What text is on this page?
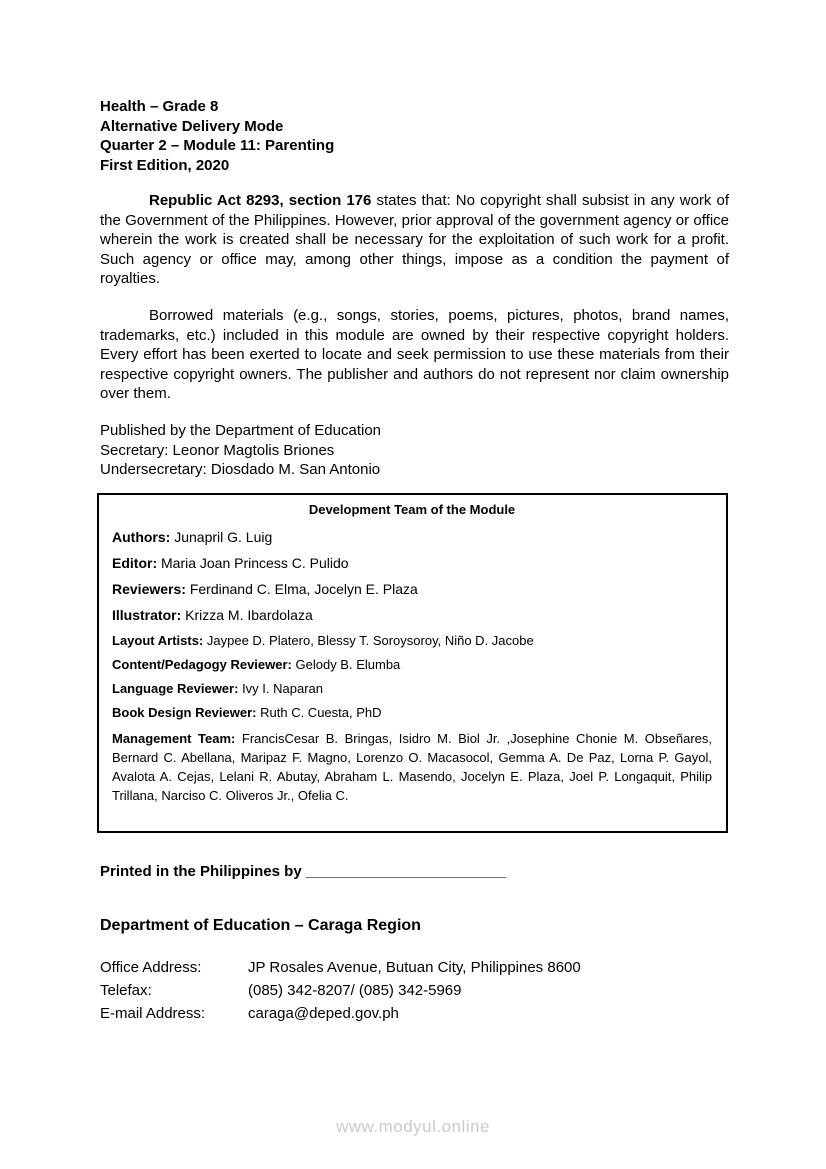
Health – Grade 8
Alternative Delivery Mode
Quarter 2 – Module 11: Parenting
First Edition, 2020

Republic Act 8293, section 176 states that: No copyright shall subsist in any work of the Government of the Philippines. However, prior approval of the government agency or office wherein the work is created shall be necessary for the exploitation of such work for a profit. Such agency or office may, among other things, impose as a condition the payment of royalties.

Borrowed materials (e.g., songs, stories, poems, pictures, photos, brand names, trademarks, etc.) included in this module are owned by their respective copyright holders. Every effort has been exerted to locate and seek permission to use these materials from their respective copyright owners. The publisher and authors do not represent nor claim ownership over them.

Published by the Department of Education
Secretary: Leonor Magtolis Briones
Undersecretary: Diosdado M. San Antonio
Development Team of the Module
Authors: Junapril G. Luig
Editor: Maria Joan Princess C. Pulido
Reviewers: Ferdinand C. Elma, Jocelyn E. Plaza
Illustrator: Krizza M. Ibardolaza
Layout Artists: Jaypee D. Platero, Blessy T. Soroysoroy, Niño D. Jacobe
Content/Pedagogy Reviewer: Gelody B. Elumba
Language Reviewer: Ivy I. Naparan
Book Design Reviewer: Ruth C. Cuesta, PhD

Management Team: FrancisCesar B. Bringas, Isidro M. Biol Jr. ,Josephine Chonie M. Obseñares, Bernard C. Abellana, Maripaz F. Magno, Lorenzo O. Macasocol, Gemma A. De Paz, Lorna P. Gayol, Avalota A. Cejas, Lelani R. Abutay, Abraham L. Masendo, Jocelyn E. Plaza, Joel P. Longaquit, Philip Trillana, Narciso C. Oliveros Jr., Ofelia C.

Printed in the Philippines by ________________________
Department of Education – Caraga Region
Office Address:	JP Rosales Avenue, Butuan City, Philippines 8600
Telefax:	(085) 342-8207/ (085) 342-5969
E-mail Address:	caraga@deped.gov.ph
www.modyul.online
